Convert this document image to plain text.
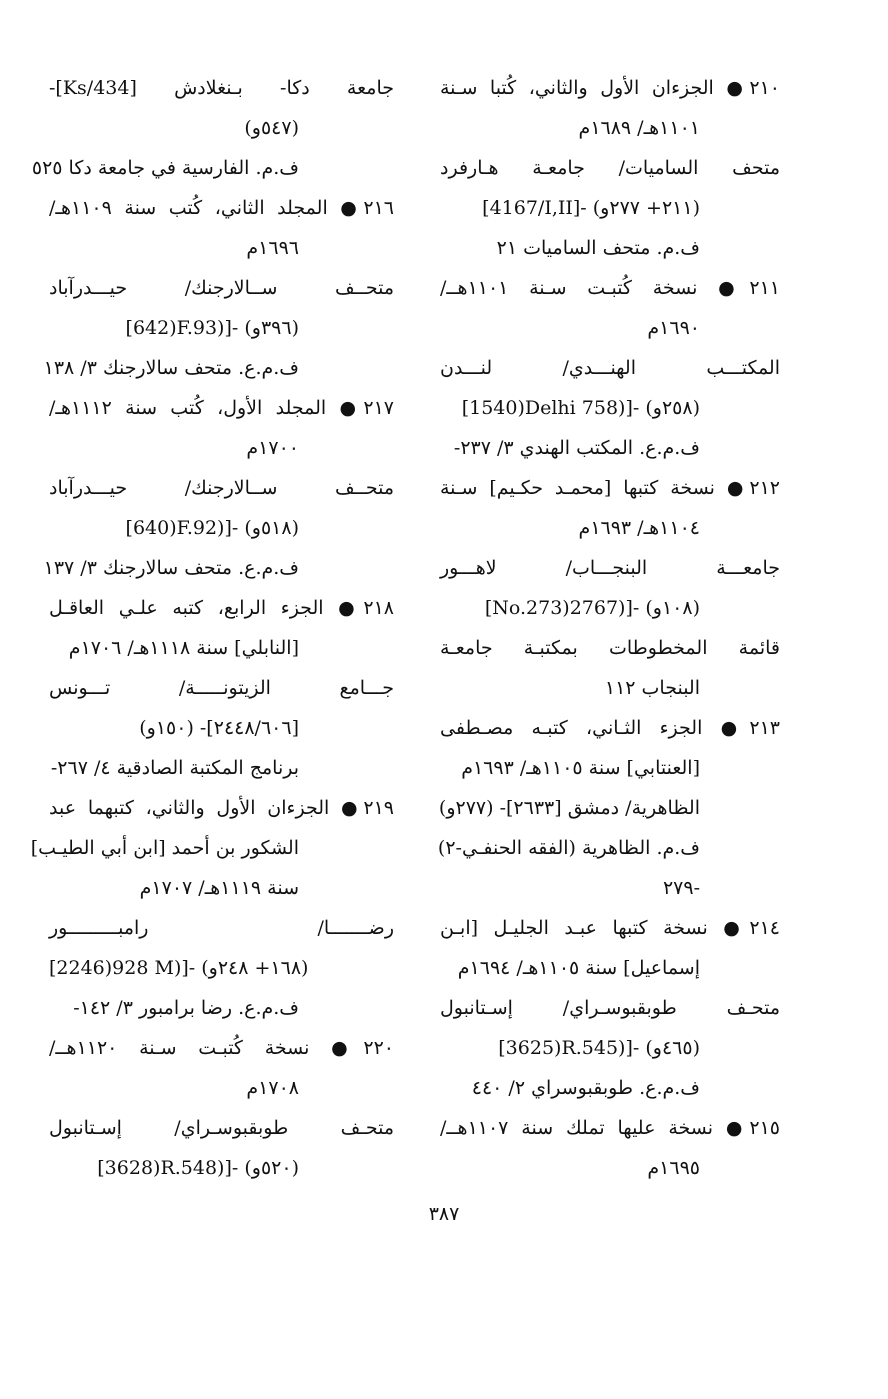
٢١٠● الجزءان الأول والثاني، كُتبا سـنة
١١٠١هـ/ ١٦٨٩م
متحف الساميات/ جامعـة هـارفرد
[4167/I,II]- (٢١١+ ٢٧٧و)
ف.م. متحف الساميات ٢١
٢١١● نسخة كُتبـت سـنة ١١٠١هــ/
١٦٩٠م
المكتـــب الهنـــدي/ لنـــدن
[1540)Delhi 758)]- (٢٥٨و)
ف.م.ع. المكتب الهندي ٣/ ٢٣٧-
٢١٢● نسخة كتبها [محمـد حكـيم] سـنة
١١٠٤هـ/ ١٦٩٣م
جامعـــة البنجـــاب/ لاهـــور
[No.273)2767)]- (١٠٨و)
قائمة المخطوطات بمكتبـة جامعـة
البنجاب ١١٢
٢١٣● الجزء الثـاني، كتبـه مصـطفى
[العنتابي] سنة ١١٠٥هـ/ ١٦٩٣م
الظاهرية/ دمشق [٢٦٣٣]- (٢٧٧و)
ف.م. الظاهرية (الفقه الحنفـي-٢)
٢٧٩-
٢١٤● نسخة كتبها عبـد الجليـل [ابـن
إسماعيل] سنة ١١٠٥هـ/ ١٦٩٤م
متحـف طوبقبوسـراي/ إسـتانبول
[3625)R.545)]- (٤٦٥و)
ف.م.ع. طوبقبوسراي ٢/ ٤٤٠
٢١٥● نسخة عليها تملك سنة ١١٠٧هــ/
١٦٩٥م
جامعة دكا- بـنغلادش [Ks/434]-
(٥٤٧و)
ف.م. الفارسية في جامعة دكا ٥٢٥
٢١٦● المجلد الثاني، كُتب سنة ١١٠٩هـ/
١٦٩٦م
متحــف ســالارجنك/ حيـــدرآباد
[642)F.93)]- (٣٩٦و)
ف.م.ع. متحف سالارجنك ٣/ ١٣٨
٢١٧● المجلد الأول، كُتب سنة ١١١٢هـ/
١٧٠٠م
متحــف ســالارجنك/ حيـــدرآباد
[640)F.92)]- (٥١٨و)
ف.م.ع. متحف سالارجنك ٣/ ١٣٧
٢١٨● الجزء الرابع، كتبه علـي العاقـل
[النابلي] سنة ١١١٨هـ/ ١٧٠٦م
جـــامع الزيتونـــــة/ تـــونس
[٢٤٤٨/٦٠٦]- (١٥٠و)
برنامج المكتبة الصادقية ٤/ ٢٦٧-
٢١٩● الجزءان الأول والثاني، كتبهما عبد
الشكور بن أحمد [ابن أبي الطيـب]
سنة ١١١٩هـ/ ١٧٠٧م
رضـــــــا/ رامبـــــــــور
[2246)928 M)]- (١٦٨+ ٢٤٨و)
ف.م.ع. رضا برامبور ٣/ ١٤٢-
٢٢٠● نسخة كُتبـت سـنة ١١٢٠هــ/
١٧٠٨م
متحـف طوبقبوسـراي/ إسـتانبول
[3628)R.548)]- (٥٢٠و)
٣٨٧
